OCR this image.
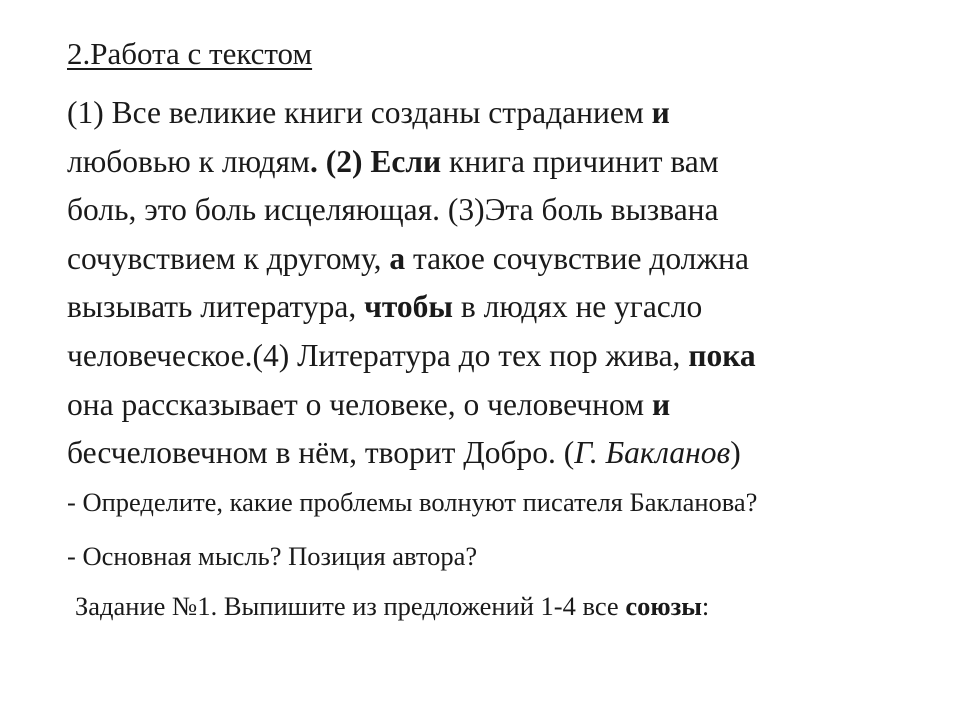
2.Работа с текстом
(1) Все великие книги созданы страданием и
любовью к людям. (2) Если книга причинит вам
боль, это боль исцеляющая. (3)Эта боль вызвана
сочувствием к другому, а такое сочувствие должна
вызывать литература, чтобы в людях не угасло
человеческое.(4) Литература до тех пор жива, пока
она рассказывает о человеке, о человечном и
бесчеловечном в нём, творит Добро. (Г. Бакланов)
- Определите, какие проблемы волнуют писателя Бакланова?
- Основная мысль? Позиция автора?
Задание №1. Выпишите из предложений 1-4 все союзы:
